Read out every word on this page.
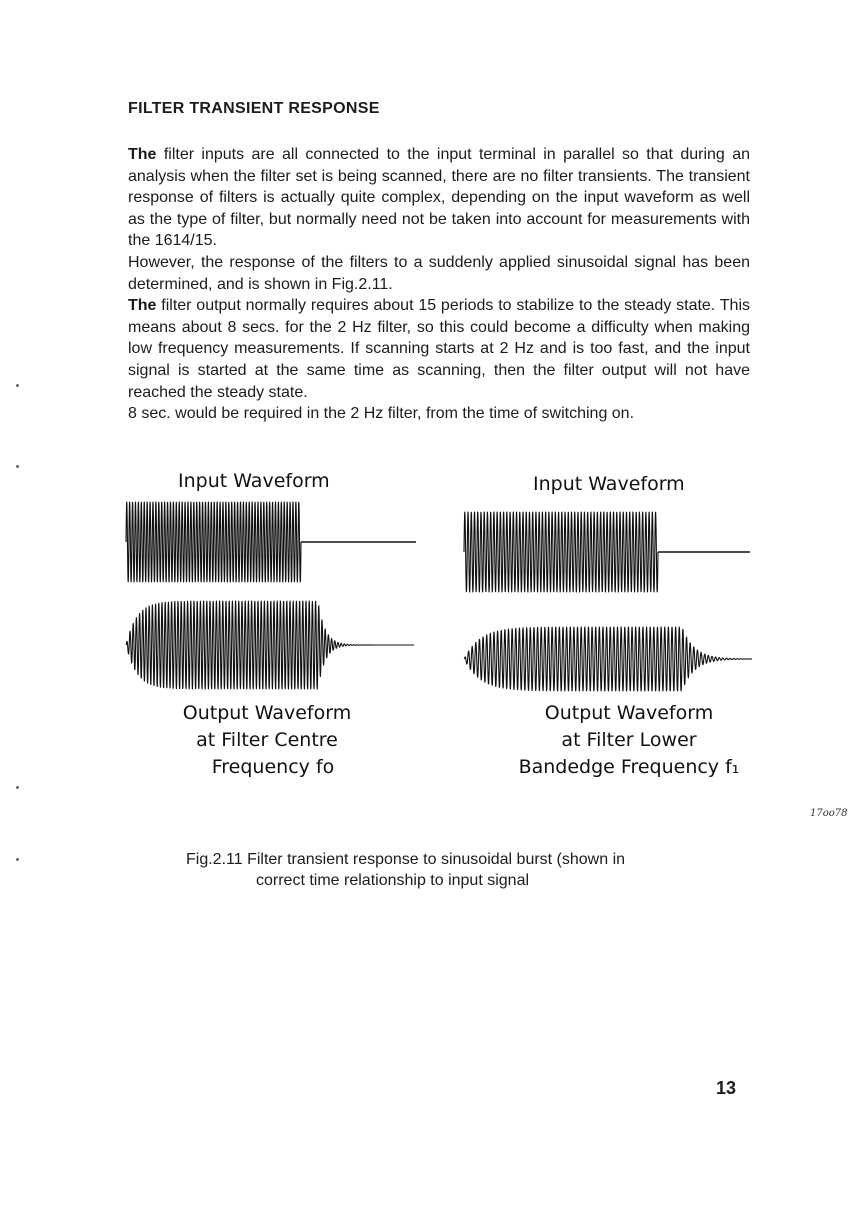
FILTER TRANSIENT RESPONSE

The filter inputs are all connected to the input terminal in parallel so that during an analysis when the filter set is being scanned, there are no filter transients. The transient response of filters is actually quite complex, depending on the input waveform as well as the type of filter, but normally need not be taken into account for measurements with the 1614/15.

However, the response of the filters to a suddenly applied sinusoidal signal has been determined, and is shown in Fig.2.11.

The filter output normally requires about 15 periods to stabilize to the steady state. This means about 8 secs. for the 2 Hz filter, so this could become a difficulty when making low frequency measurements. If scanning starts at 2 Hz and is too fast, and the input signal is started at the same time as scanning, then the filter output will not have reached the steady state.

8 sec. would be required in the 2 Hz filter, from the time of switching on.

Input Waveform	Input Waveform
Output Waveform
at Filter Centre
Frequency fo
Output Waveform
at Filter Lower
Bandedge Frequency f₁
17oo78
Fig.2.11 Filter transient response to sinusoidal burst (shown in
correct time relationship to input signal
13
